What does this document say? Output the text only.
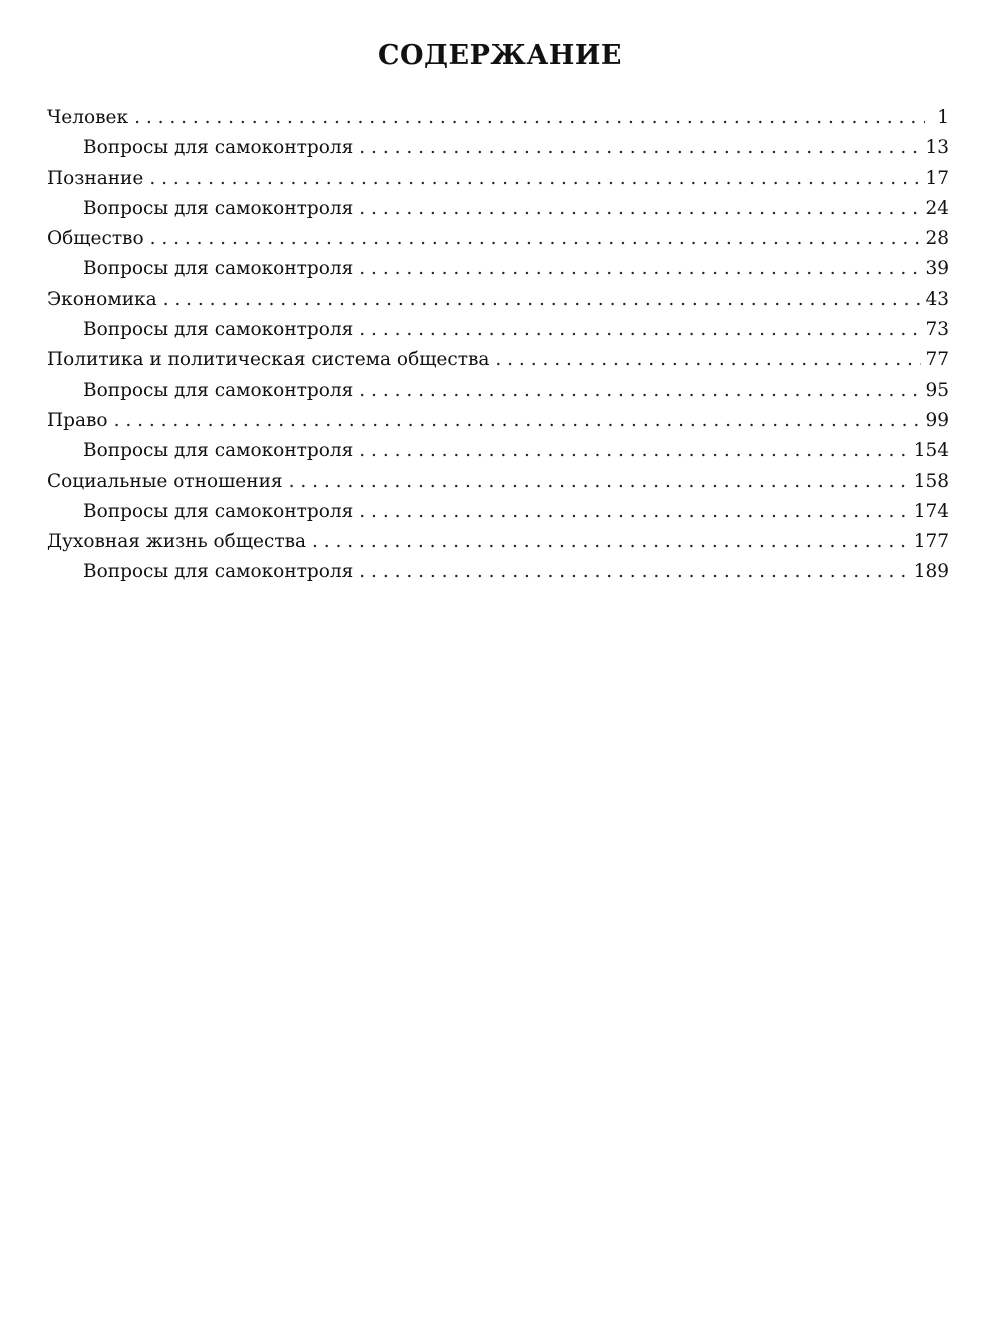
СОДЕРЖАНИЕ
Человек . . .	1
Вопросы для самоконтроля . . .	13
Познание . . .	17
Вопросы для самоконтроля . . .	24
Общество . . .	28
Вопросы для самоконтроля . . .	39
Экономика . . .	43
Вопросы для самоконтроля . . .	73
Политика и политическая система общества . . .	77
Вопросы для самоконтроля . . .	95
Право . . .	99
Вопросы для самоконтроля . . .	154
Социальные отношения . . .	158
Вопросы для самоконтроля . . .	174
Духовная жизнь общества . . .	177
Вопросы для самоконтроля . . .	189
